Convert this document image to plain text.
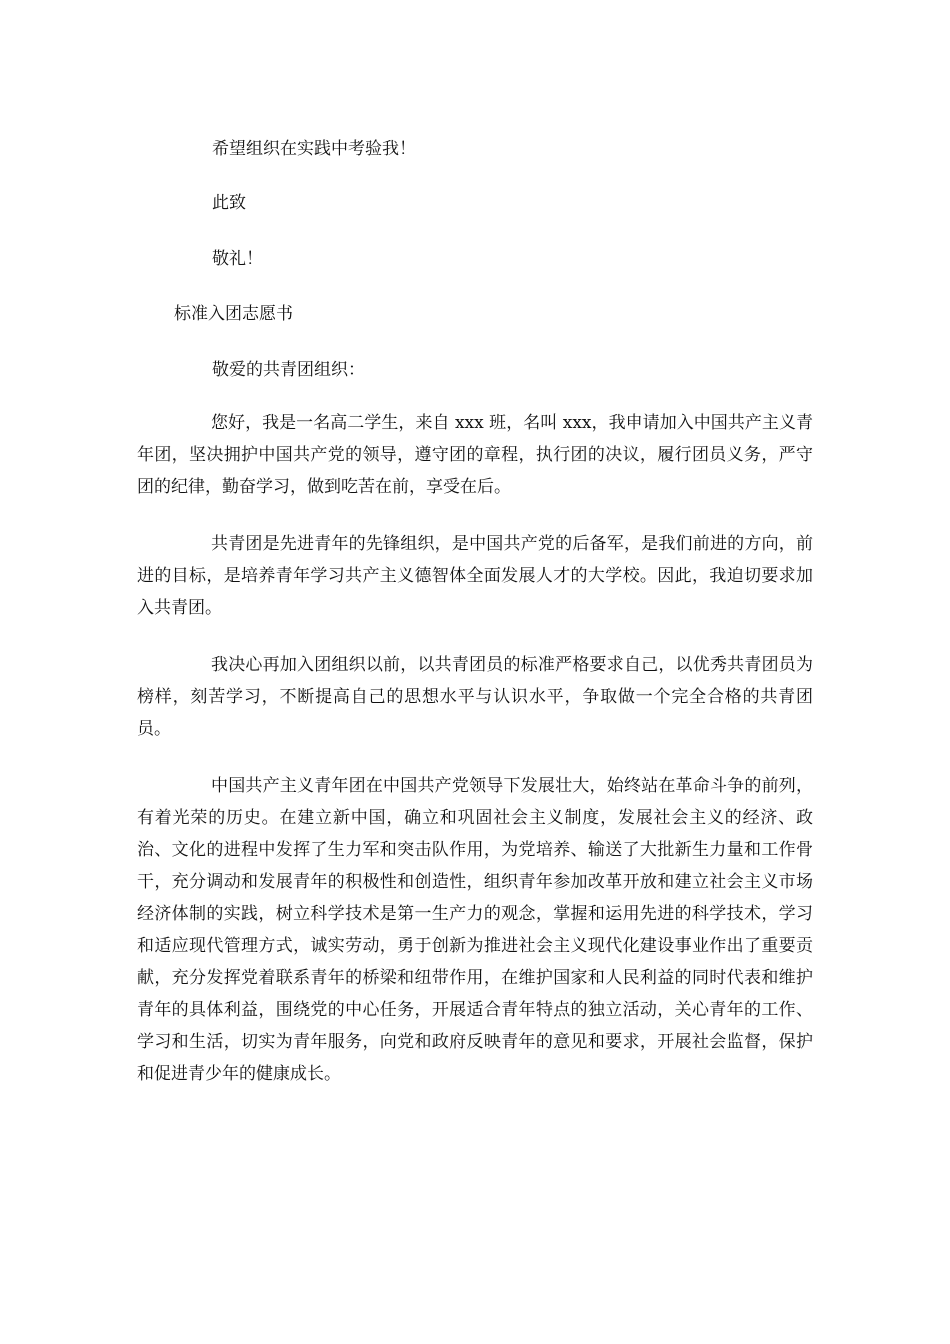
希望组织在实践中考验我！
此致
敬礼！
标准入团志愿书
敬爱的共青团组织：

您好，我是一名高二学生，来自 xxx 班，名叫 xxx，我申请加入中国共产主义青年团，坚决拥护中国共产党的领导，遵守团的章程，执行团的决议，履行团员义务，严守团的纪律，勤奋学习，做到吃苦在前，享受在后。

共青团是先进青年的先锋组织，是中国共产党的后备军，是我们前进的方向，前进的目标，是培养青年学习共产主义德智体全面发展人才的大学校。因此，我迫切要求加入共青团。

我决心再加入团组织以前，以共青团员的标准严格要求自己，以优秀共青团员为榜样，刻苦学习，不断提高自己的思想水平与认识水平，争取做一个完全合格的共青团员。

中国共产主义青年团在中国共产党领导下发展壮大，始终站在革命斗争的前列，有着光荣的历史。在建立新中国，确立和巩固社会主义制度，发展社会主义的经济、政治、文化的进程中发挥了生力军和突击队作用，为党培养、输送了大批新生力量和工作骨干，充分调动和发展青年的积极性和创造性，组织青年参加改革开放和建立社会主义市场经济体制的实践，树立科学技术是第一生产力的观念，掌握和运用先进的科学技术，学习和适应现代管理方式，诚实劳动，勇于创新为推进社会主义现代化建设事业作出了重要贡献，充分发挥党着联系青年的桥梁和纽带作用，在维护国家和人民利益的同时代表和维护青年的具体利益，围绕党的中心任务，开展适合青年特点的独立活动，关心青年的工作、学习和生活，切实为青年服务，向党和政府反映青年的意见和要求，开展社会监督，保护和促进青少年的健康成长。
